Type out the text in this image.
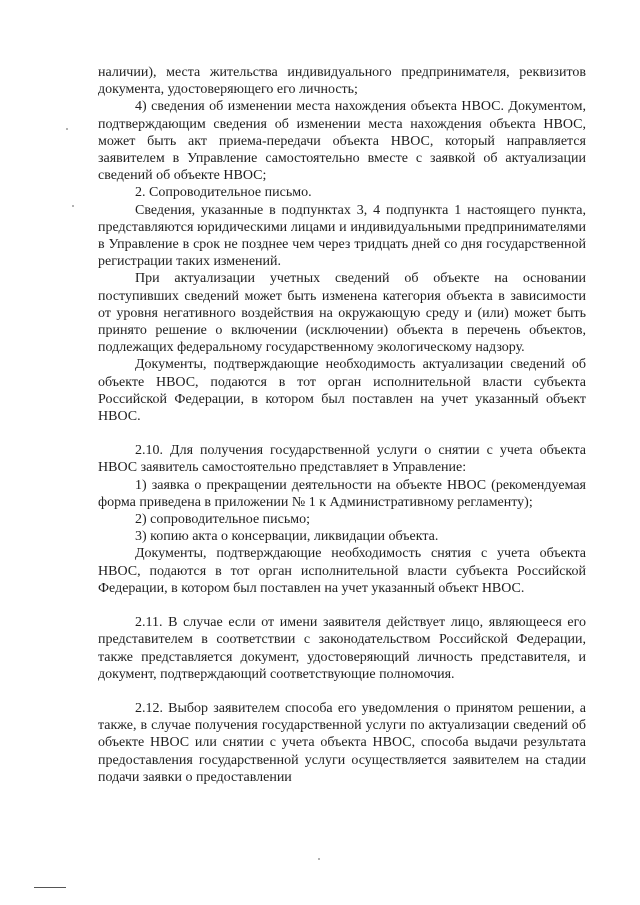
наличии), места жительства индивидуального предпринимателя, реквизитов документа, удостоверяющего его личность;

4) сведения об изменении места нахождения объекта НВОС. Документом, подтверждающим сведения об изменении места нахождения объекта НВОС, может быть акт приема-передачи объекта НВОС, который направляется заявителем в Управление самостоятельно вместе с заявкой об актуализации сведений об объекте НВОС;

2. Сопроводительное письмо.

Сведения, указанные в подпунктах 3, 4 подпункта 1 настоящего пункта, представляются юридическими лицами и индивидуальными предпринимателями в Управление в срок не позднее чем через тридцать дней со дня государственной регистрации таких изменений.

При актуализации учетных сведений об объекте на основании поступивших сведений может быть изменена категория объекта в зависимости от уровня негативного воздействия на окружающую среду и (или) может быть принято решение о включении (исключении) объекта в перечень объектов, подлежащих федеральному государственному экологическому надзору.

Документы, подтверждающие необходимость актуализации сведений об объекте НВОС, подаются в тот орган исполнительной власти субъекта Российской Федерации, в котором был поставлен на учет указанный объект НВОС.

2.10. Для получения государственной услуги о снятии с учета объекта НВОС заявитель самостоятельно представляет в Управление:

1) заявка о прекращении деятельности на объекте НВОС (рекомендуемая форма приведена в приложении № 1 к Административному регламенту);

2) сопроводительное письмо;

3) копию акта о консервации, ликвидации объекта.

Документы, подтверждающие необходимость снятия с учета объекта НВОС, подаются в тот орган исполнительной власти субъекта Российской Федерации, в котором был поставлен на учет указанный объект НВОС.

2.11. В случае если от имени заявителя действует лицо, являющееся его представителем в соответствии с законодательством Российской Федерации, также представляется документ, удостоверяющий личность представителя, и документ, подтверждающий соответствующие полномочия.

2.12. Выбор заявителем способа его уведомления о принятом решении, а также, в случае получения государственной услуги по актуализации сведений об объекте НВОС или снятии с учета объекта НВОС, способа выдачи результата предоставления государственной услуги осуществляется заявителем на стадии подачи заявки о предоставлении
